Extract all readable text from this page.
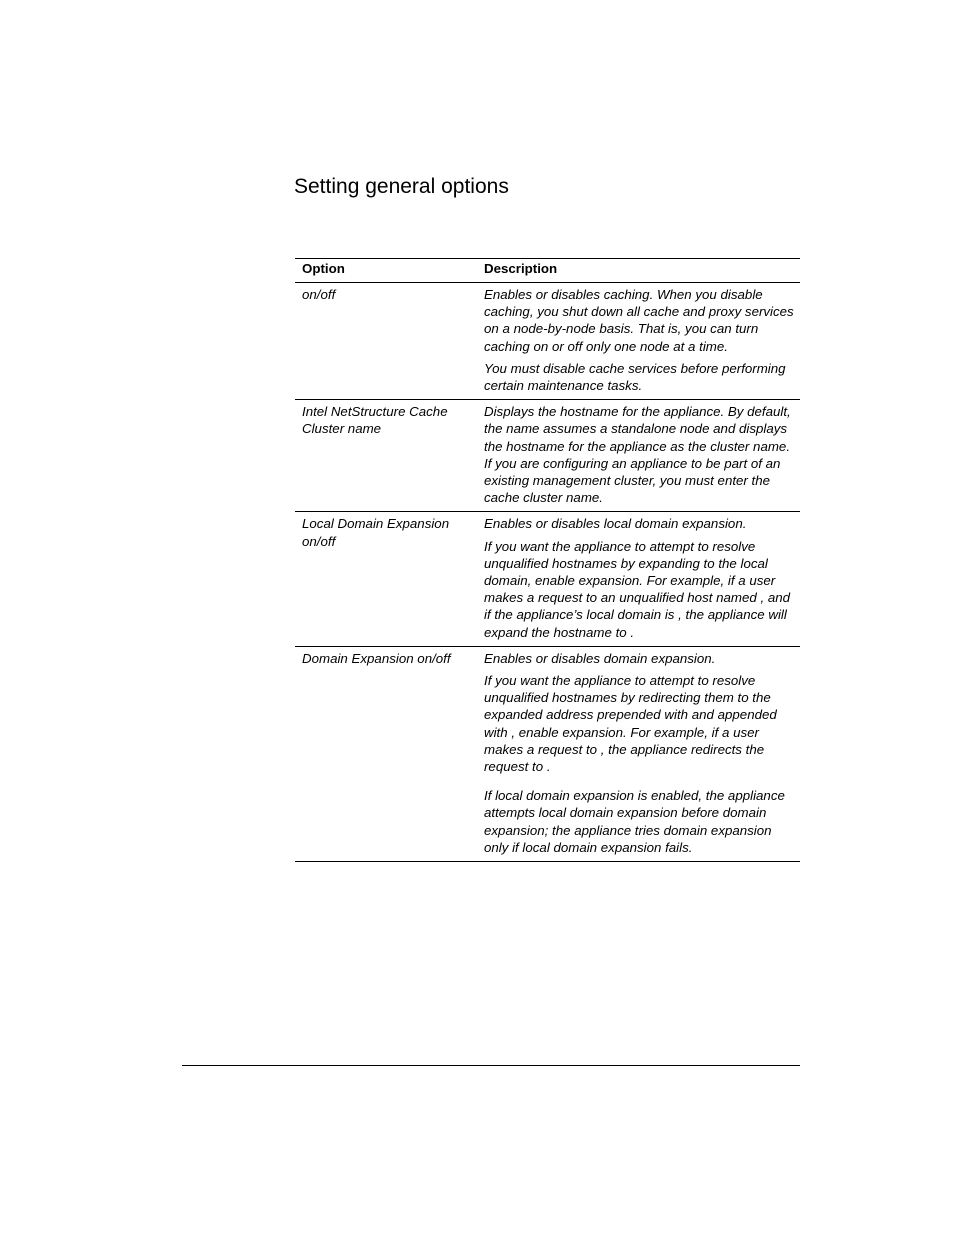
Setting general options
Option	Description
on/off	Enables or disables caching. When you disable caching, you shut down all cache and proxy services on a node-by-node basis. That is, you can turn caching on or off only one node at a time.

You must disable cache services before performing certain maintenance tasks.

Intel NetStructure Cache Cluster name	Displays the hostname for the appliance. By default, the name assumes a standalone node and displays the hostname for the appliance as the cluster name. If you are configuring an appliance to be part of an existing management cluster, you must enter the cache cluster name.

Local Domain Expansion on/off	Enables or disables local domain expansion.

If you want the appliance to attempt to resolve unqualified hostnames by expanding to the local domain, enable expansion. For example, if a user makes a request to an unqualified host named , and if the appliance’s local domain is , the appliance will expand the hostname to .

Domain Expansion on/off	Enables or disables domain expansion.

If you want the appliance to attempt to resolve unqualified hostnames by redirecting them to the expanded address prepended with and appended with , enable expansion. For example, if a user makes a request to , the appliance redirects the request to .

If local domain expansion is enabled, the appliance attempts local domain expansion before domain expansion; the appliance tries domain expansion only if local domain expansion fails.
